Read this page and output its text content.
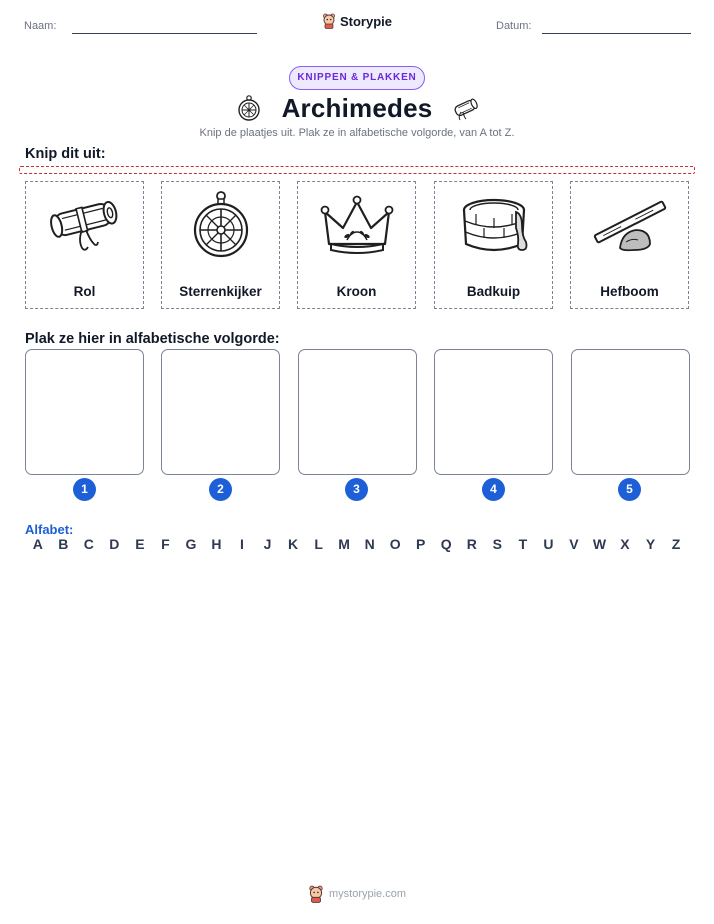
Naam:	Storypie	Datum:
KNIPPEN & PLAKKEN
Archimedes
Knip de plaatjes uit. Plak ze in alfabetische volgorde, van A tot Z.
Knip dit uit:
Rol	Sterrenkijker	Kroon	Badkuip	Hefboom
Plak ze hier in alfabetische volgorde:
1	2	3	4	5
Alfabet:
A	B	C	D	E	F	G	H	I	J	K	L	M	N	O	P	Q	R	S	T	U	V	W	X	Y	Z
mystorypie.com
